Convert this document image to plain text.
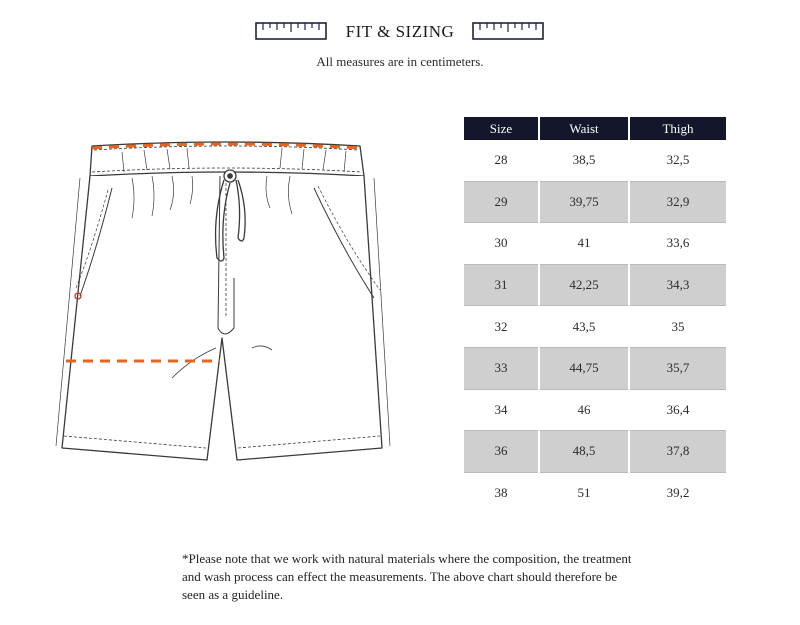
FIT & SIZING
All measures are in centimeters.
Size	Waist	Thigh
28	38,5	32,5
29	39,75	32,9
30	41	33,6
31	42,25	34,3
32	43,5	35
33	44,75	35,7
34	46	36,4
36	48,5	37,8
38	51	39,2
*Please note that we work with natural materials where the composition, the treatment and wash process can effect the measurements. The above chart should therefore be seen as a guideline.
